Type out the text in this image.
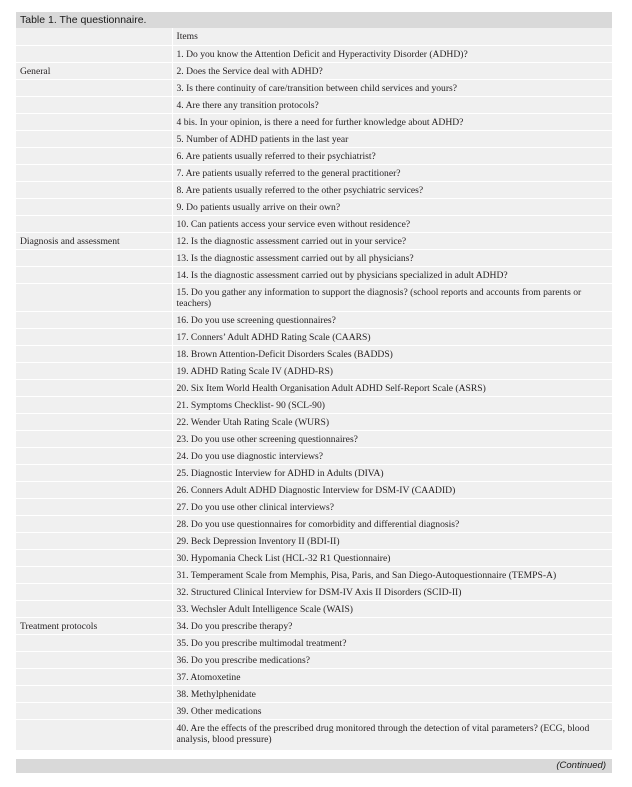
Table 1. The questionnaire.
	Items
	1. Do you know the Attention Deficit and Hyperactivity Disorder (ADHD)?
General	2. Does the Service deal with ADHD?
	3. Is there continuity of care/transition between child services and yours?
	4. Are there any transition protocols?
	4 bis. In your opinion, is there a need for further knowledge about ADHD?
	5. Number of ADHD patients in the last year
	6. Are patients usually referred to their psychiatrist?
	7. Are patients usually referred to the general practitioner?
	8. Are patients usually referred to the other psychiatric services?
	9. Do patients usually arrive on their own?
	10. Can patients access your service even without residence?
Diagnosis and assessment	12. Is the diagnostic assessment carried out in your service?
	13. Is the diagnostic assessment carried out by all physicians?
	14. Is the diagnostic assessment carried out by physicians specialized in adult ADHD?
	15. Do you gather any information to support the diagnosis? (school reports and accounts from parents or teachers)
	16. Do you use screening questionnaires?
	17. Conners’ Adult ADHD Rating Scale (CAARS)
	18. Brown Attention-Deficit Disorders Scales (BADDS)
	19. ADHD Rating Scale IV (ADHD-RS)
	20. Six Item World Health Organisation Adult ADHD Self-Report Scale (ASRS)
	21. Symptoms Checklist- 90 (SCL-90)
	22. Wender Utah Rating Scale (WURS)
	23. Do you use other screening questionnaires?
	24. Do you use diagnostic interviews?
	25. Diagnostic Interview for ADHD in Adults (DIVA)
	26. Conners Adult ADHD Diagnostic Interview for DSM-IV (CAADID)
	27. Do you use other clinical interviews?
	28. Do you use questionnaires for comorbidity and differential diagnosis?
	29. Beck Depression Inventory II (BDI-II)
	30. Hypomania Check List (HCL-32 R1 Questionnaire)
	31. Temperament Scale from Memphis, Pisa, Paris, and San Diego-Autoquestionnaire (TEMPS-A)
	32. Structured Clinical Interview for DSM-IV Axis II Disorders (SCID-II)
	33. Wechsler Adult Intelligence Scale (WAIS)
Treatment protocols	34. Do you prescribe therapy?
	35. Do you prescribe multimodal treatment?
	36. Do you prescribe medications?
	37. Atomoxetine
	38. Methylphenidate
	39. Other medications
	40. Are the effects of the prescribed drug monitored through the detection of vital parameters? (ECG, blood analysis, blood pressure)
(Continued)
